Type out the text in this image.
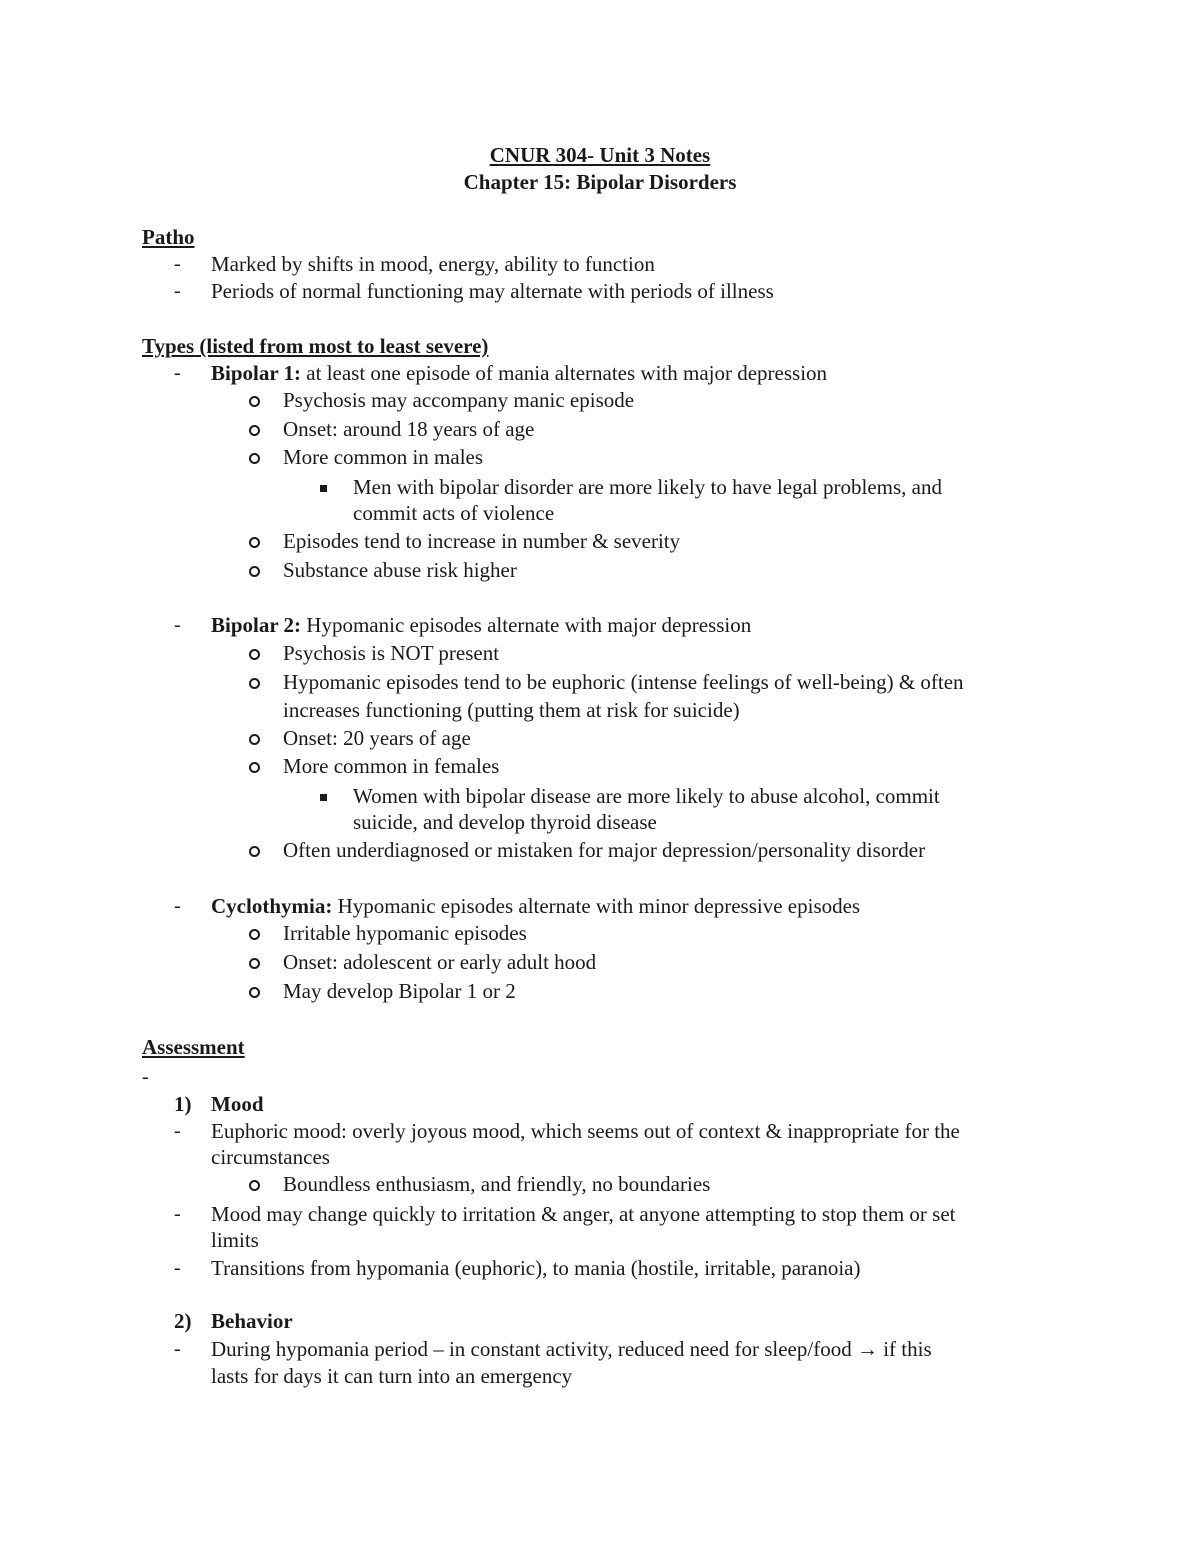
CNUR 304- Unit 3 Notes
Chapter 15: Bipolar Disorders
Patho
- Marked by shifts in mood, energy, ability to function
- Periods of normal functioning may alternate with periods of illness
Types (listed from most to least severe)
- Bipolar 1: at least one episode of mania alternates with major depression
Psychosis may accompany manic episode
Onset: around 18 years of age
More common in males
Men with bipolar disorder are more likely to have legal problems, and
commit acts of violence
Episodes tend to increase in number & severity
Substance abuse risk higher
- Bipolar 2: Hypomanic episodes alternate with major depression
Psychosis is NOT present
Hypomanic episodes tend to be euphoric (intense feelings of well-being) & often
increases functioning (putting them at risk for suicide)
Onset: 20 years of age
More common in females
Women with bipolar disease are more likely to abuse alcohol, commit
suicide, and develop thyroid disease
Often underdiagnosed or mistaken for major depression/personality disorder
- Cyclothymia: Hypomanic episodes alternate with minor depressive episodes
Irritable hypomanic episodes
Onset: adolescent or early adult hood
May develop Bipolar 1 or 2
Assessment
-
1) Mood
- Euphoric mood: overly joyous mood, which seems out of context & inappropriate for the
circumstances
Boundless enthusiasm, and friendly, no boundaries
- Mood may change quickly to irritation & anger, at anyone attempting to stop them or set
limits
- Transitions from hypomania (euphoric), to mania (hostile, irritable, paranoia)
2) Behavior
- During hypomania period – in constant activity, reduced need for sleep/food → if this
lasts for days it can turn into an emergency
